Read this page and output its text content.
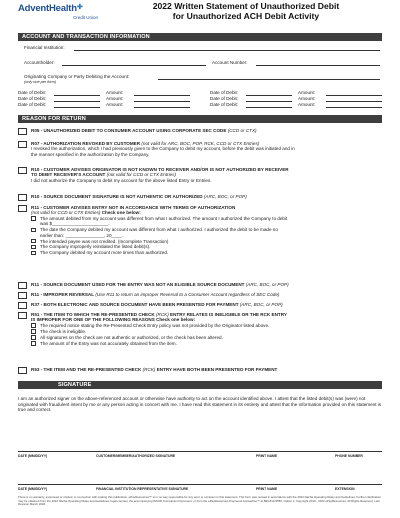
AdventHealth✚
Credit Union
2022 Written Statement of Unauthorized Debit
for Unauthorized ACH Debit Activity
ACCOUNT AND TRANSACTION INFORMATION
Financial Institution:
Accountholder:	Account Number:
Originating Company or Party Debiting the Account:
(only one per form)
Date of Debit:	Amount:	Date of Debit:	Amount:
Date of Debit:	Amount:	Date of Debit:	Amount:
Date of Debit:	Amount:	Date of Debit:	Amount:
REASON FOR RETURN
R05 - UNAUTHORIZED DEBIT TO CONSUMER ACCOUNT USING CORPORATE SEC CODE (CCD or CTX)
R07 - AUTHORIZATION REVOKED BY CUSTOMER (not valid for ARC, BOC, POP, RCK, CCD or CTX Entries)
I revoked the authorization, which I had previously given to the Company to debit my account, before the debit was initiated and in
the manner specified in the authorization by the Company.
R10 - CUSTOMER ADVISES ORIGINATOR IS NOT KNOWN TO RECEIVER AND/OR IS NOT AUTHORIZED BY RECEIVER
TO DEBIT RECEIVER'S ACCOUNT (not valid for CCD or CTX Entries)
I did not authorize the Company to debit my account for the above listed Entry or Entries.
R10 - SOURCE DOCUMENT SIGNATURE IS NOT AUTHENTIC OR AUTHORIZED (ARC, BOC, or POP)
R11 - CUSTOMER ADVISES ENTRY NOT IN ACCORDANCE WITH TERMS OF AUTHORIZATION
(not valid for CCD or CTX Entries) Check one below:
The amount debited from my account was different from what I authorized. The amount I authorized the Company to debit
was $______________________.
The date the Company debited my account was different from what I authorized. I authorized the debit to be made no
earlier than: _______________, 20____.
The intended payee was not credited. (Incomplete Transaction)
The Company improperly reinitiated the listed debit(s).
The Company debited my account more times than authorized.
R11 - SOURCE DOCUMENT USED FOR THE ENTRY WAS NOT AN ELIGIBLE SOURCE DOCUMENT (ARC, BOC, or POP)
R11 - IMPROPER REVERSAL (Use R11 to return an improper Reversal to a Consumer Account regardless of SEC Code)
R37 - BOTH ELECTRONIC AND SOURCE DOCUMENT HAVE BEEN PRESENTED FOR PAYMENT (ARC, BOC, or POP)
R51 - THE ITEM TO WHICH THE RE-PRESENTED CHECK (RCK) ENTRY RELATES IS INELIGIBLE OR THE RCK ENTRY
IS IMPROPER FOR ONE OF THE FOLLOWING REASONS Check one below:
The required notice stating the Re-Presented Check Entry policy was not provided by the Originator listed above.
The check is ineligible.
All signatures on the check are not authentic or authorized, or the check has been altered.
The amount of the Entry was not accurately obtained from the item.
R53 - THE ITEM AND THE RE-PRESENTED CHECK (RCK) ENTRY HAVE BOTH BEEN PRESENTED FOR PAYMENT
SIGNATURE
I am an authorized signer on the above-referenced account or otherwise have authority to act on the account identified above. I attest that the listed debit(s) was (were) not originated with fraudulent intent by me or any person acting in concert with me. I have read this statement in its entirety and attest that the information provided on this statement is true and correct.
DATE (MM/DD/YY)	CUSTOMER/MEMBER/AUTHORIZED SIGNATURE	PRINT NAME	PHONE NUMBER
DATE (MM/DD/YY)	FINANCIAL INSTITUTION REPRESENTATIVE SIGNATURE	PRINT NAME	EXTENSION
There is no warranty, expressed or implied, in connection with making this publication. ePayResources™ is in no way responsible for any error or omission in this statement. This form was revised in accordance with the 2022 Nacha Operating Rules and Guidelines. Further clarification may be obtained from the 2022 Nacha Operating Rules and Guidelines, legal counsel, the accompanying WSUD Companion Document, or from the ePayResources Payments Answerline™ at 800-813-5550, Option 2. Copyright 2010 - 2022 ePayResources. All Rights Reserved. Last Revision March 2022.
